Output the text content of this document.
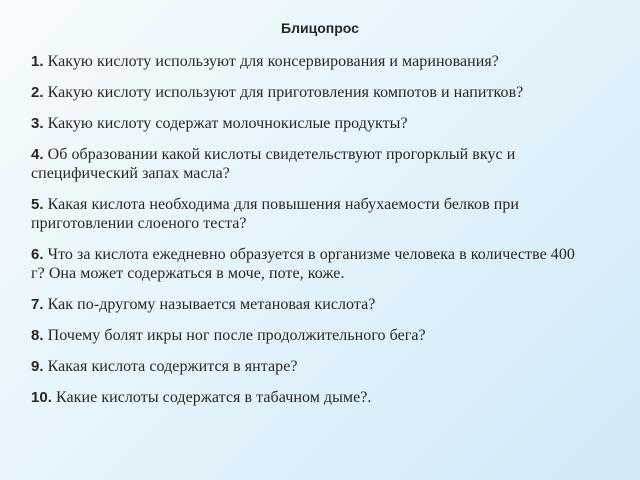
Блицопрос
1. Какую кислоту используют для консервирования и маринования?
2. Какую кислоту используют для приготовления компотов и напитков?
3. Какую кислоту содержат молочнокислые продукты?
4. Об образовании какой кислоты свидетельствуют прогорклый вкус и специфический запах масла?
5. Какая кислота необходима для повышения набухаемости белков при приготовлении слоеного теста?
6. Что за кислота ежедневно образуется в организме человека в количестве 400 г? Она может содержаться в моче, поте, коже.
7. Как по-другому называется метановая кислота?
8. Почему болят икры ног после продолжительного бега?
9. Какая кислота содержится в янтаре?
10. Какие кислоты содержатся в табачном дыме?.
